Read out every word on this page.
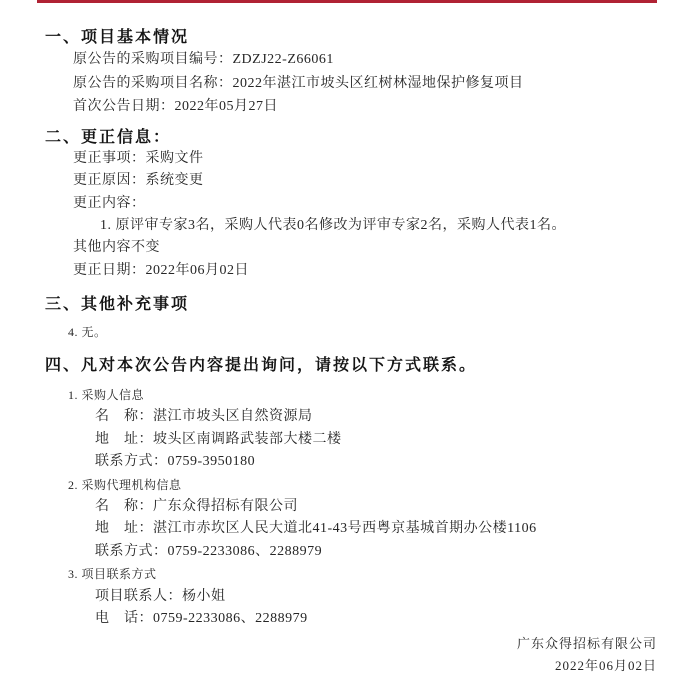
一、项目基本情况
原公告的采购项目编号：ZDZJ22-Z66061
原公告的采购项目名称：2022年湛江市坡头区红树林湿地保护修复项目
首次公告日期：2022年05月27日
二、更正信息：
更正事项：采购文件
更正原因：系统变更
更正内容：
1. 原评审专家3名，采购人代表0名修改为评审专家2名，采购人代表1名。
其他内容不变
更正日期：2022年06月02日
三、其他补充事项
4. 无。
四、凡对本次公告内容提出询问，请按以下方式联系。
1. 采购人信息
名　称：湛江市坡头区自然资源局
地　址：坡头区南调路武装部大楼二楼
联系方式：0759-3950180
2. 采购代理机构信息
名　称：广东众得招标有限公司
地　址：湛江市赤坎区人民大道北41-43号西粤京基城首期办公楼1106
联系方式：0759-2233086、2288979
3. 项目联系方式
项目联系人：杨小姐
电　话：0759-2233086、2288979
广东众得招标有限公司
2022年06月02日
